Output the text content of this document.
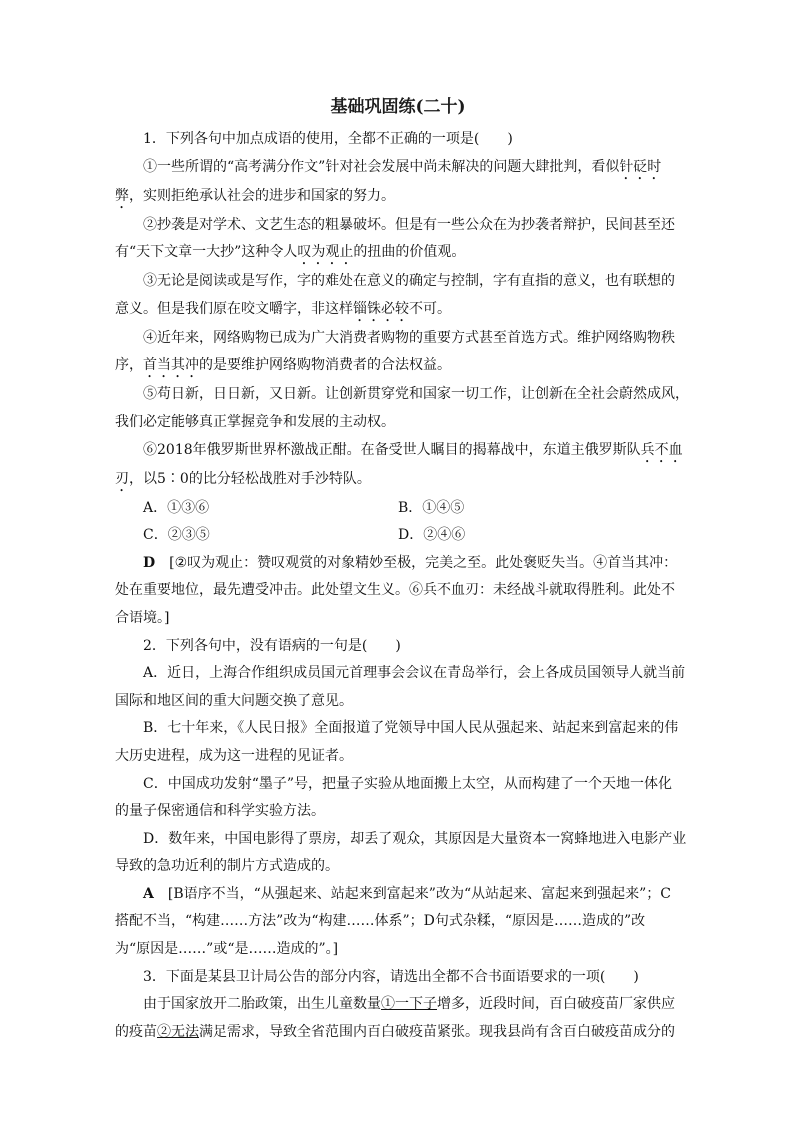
基础巩固练(二十)
1．下列各句中加点成语的使用，全都不正确的一项是(　　)
①一些所谓的“高考满分作文”针对社会发展中尚未解决的问题大肆批判，看似针砭时
弊，实则拒绝承认社会的进步和国家的努力。
②抄袭是对学术、文艺生态的粗暴破坏。但是有一些公众在为抄袭者辩护，民间甚至还
有“天下文章一大抄”这种令人叹为观止的扭曲的价值观。
③无论是阅读或是写作，字的难处在意义的确定与控制，字有直指的意义，也有联想的
意义。但是我们原在咬文嚼字，非这样锱铢必较不可。
④近年来，网络购物已成为广大消费者购物的重要方式甚至首选方式。维护网络购物秩
序，首当其冲的是要维护网络购物消费者的合法权益。
⑤苟日新，日日新，又日新。让创新贯穿党和国家一切工作，让创新在全社会蔚然成风，
我们必定能够真正掌握竞争和发展的主动权。
⑥2018年俄罗斯世界杯激战正酣。在备受世人瞩目的揭幕战中，东道主俄罗斯队兵不血
刃，以5∶0的比分轻松战胜对手沙特队。
A．①③⑥	B．①④⑤
C．②③⑤	D．②④⑥
D  [②叹为观止：赞叹观赏的对象精妙至极，完美之至。此处褒贬失当。④首当其冲：
处在重要地位，最先遭受冲击。此处望文生义。⑥兵不血刃：未经战斗就取得胜利。此处不
合语境。]
2．下列各句中，没有语病的一句是(　　)
A．近日，上海合作组织成员国元首理事会会议在青岛举行，会上各成员国领导人就当前
国际和地区间的重大问题交换了意见。
B．七十年来，《人民日报》全面报道了党领导中国人民从强起来、站起来到富起来的伟
大历史进程，成为这一进程的见证者。
C．中国成功发射“墨子”号，把量子实验从地面搬上太空，从而构建了一个天地一体化
的量子保密通信和科学实验方法。
D．数年来，中国电影得了票房，却丢了观众，其原因是大量资本一窝蜂地进入电影产业
导致的急功近利的制片方式造成的。
A  [B语序不当，“从强起来、站起来到富起来”改为“从站起来、富起来到强起来”；C
搭配不当，“构建……方法”改为“构建……体系”；D句式杂糅，“原因是……造成的”改
为“原因是……”或“是……造成的”。]
3．下面是某县卫计局公告的部分内容，请选出全都不合书面语要求的一项(　　)
由于国家放开二胎政策，出生儿童数量①一下子增多，近段时间，百白破疫苗厂家供应
的疫苗②无法满足需求，导致全省范围内百白破疫苗紧张。现我县尚有含百白破疫苗成分的
